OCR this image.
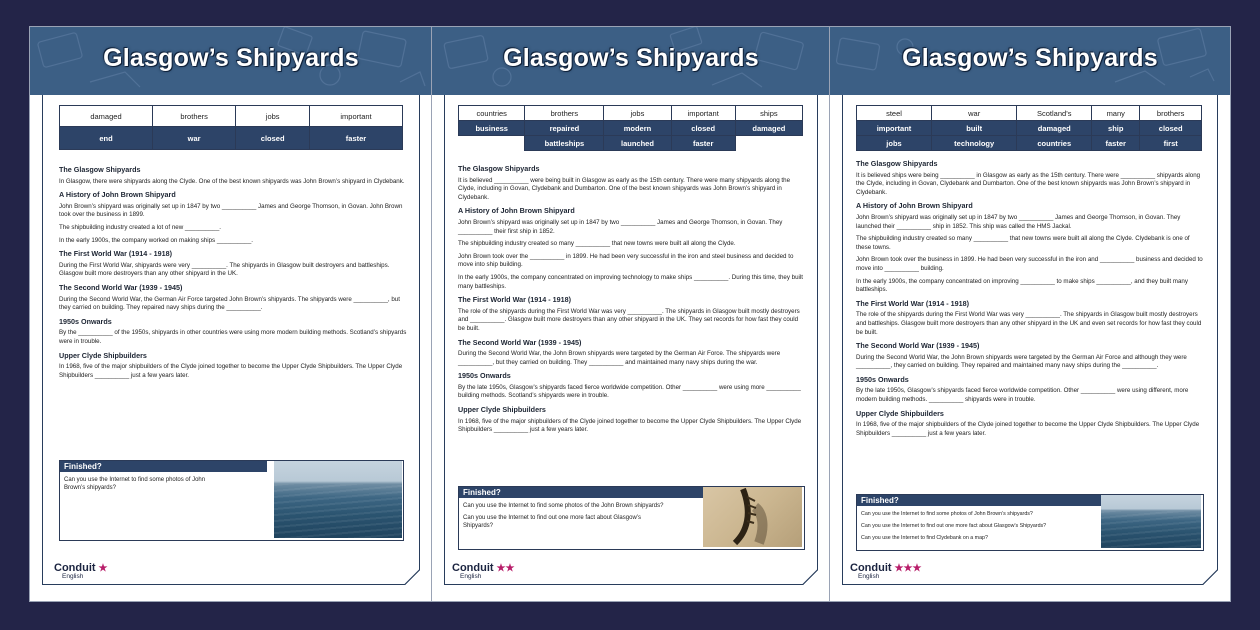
Glasgow’s Shipyards
damaged	brothers	jobs	important
end	war	closed	faster
The Glasgow Shipyards

In Glasgow, there were shipyards along the Clyde. One of the best known shipyards was John Brown’s shipyard in Clydebank.

A History of John Brown Shipyard

John Brown’s shipyard was originally set up in 1847 by two __________ James and George Thomson, in Govan. John Brown took over the business in 1899.

The shipbuilding industry created a lot of new __________.

In the early 1900s, the company worked on making ships __________.

The First World War (1914 - 1918)

During the First World War, shipyards were very __________. The shipyards in Glasgow built destroyers and battleships. Glasgow built more destroyers than any other shipyard in the UK.

The Second World War (1939 - 1945)

During the Second World War, the German Air Force targeted John Brown’s shipyards. The shipyards were __________, but they carried on building. They repaired navy ships during the __________.

1950s Onwards

By the __________ of the 1950s, shipyards in other countries were using more modern building methods. Scotland’s shipyards were in trouble.

Upper Clyde Shipbuilders

In 1968, five of the major shipbuilders of the Clyde joined together to become the Upper Clyde Shipbuilders. The Upper Clyde Shipbuilders __________ just a few years later.

Finished?
Can you use the Internet to find some photos of John Brown’s shipyards?
Conduit ★
English
Glasgow’s Shipyards
countries	brothers	jobs	important	ships
business	repaired	modern	closed	damaged
	battleships	launched	faster	
The Glasgow Shipyards

It is believed __________ were being built in Glasgow as early as the 15th century. There were many shipyards along the Clyde, including in Govan, Clydebank and Dumbarton. One of the best known shipyards was John Brown’s shipyard in Clydebank.

A History of John Brown Shipyard

John Brown’s shipyard was originally set up in 1847 by two __________ James and George Thomson, in Govan. They __________ their first ship in 1852.

The shipbuilding industry created so many __________ that new towns were built all along the Clyde.

John Brown took over the __________ in 1899. He had been very successful in the iron and steel business and decided to move into ship building.

In the early 1900s, the company concentrated on improving technology to make ships __________. During this time, they built many battleships.

The First World War (1914 - 1918)

The role of the shipyards during the First World War was very __________. The shipyards in Glasgow built mostly destroyers and __________. Glasgow built more destroyers than any other shipyard in the UK. They set records for how fast they could be built.

The Second World War (1939 - 1945)

During the Second World War, the John Brown shipyards were targeted by the German Air Force. The shipyards were __________, but they carried on building. They __________ and maintained many navy ships during the war.

1950s Onwards

By the late 1950s, Glasgow’s shipyards faced fierce worldwide competition. Other __________ were using more __________ building methods. Scotland’s shipyards were in trouble.

Upper Clyde Shipbuilders

In 1968, five of the major shipbuilders of the Clyde joined together to become the Upper Clyde Shipbuilders. The Upper Clyde Shipbuilders __________ just a few years later.

Finished?
Can you use the Internet to find some photos of the John Brown shipyards?
Can you use the Internet to find out one more fact about Glasgow’s Shipyards?
Conduit ★★
English
Glasgow’s Shipyards
steel	war	Scotland’s	many	brothers
important	built	damaged	ship	closed
jobs	technology	countries	faster	first
The Glasgow Shipyards

It is believed ships were being __________ in Glasgow as early as the 15th century. There were __________ shipyards along the Clyde, including in Govan, Clydebank and Dumbarton. One of the best known shipyards was John Brown’s shipyard in Clydebank.

A History of John Brown Shipyard

John Brown’s shipyard was originally set up in 1847 by two __________ James and George Thomson, in Govan. They launched their __________ ship in 1852. This ship was called the HMS Jackal.

The shipbuilding industry created so many __________ that new towns were built all along the Clyde. Clydebank is one of these towns.

John Brown took over the business in 1899. He had been very successful in the iron and __________ business and decided to move into __________ building.

In the early 1900s, the company concentrated on improving __________ to make ships __________, and they built many battleships.

The First World War (1914 - 1918)

The role of the shipyards during the First World War was very __________. The shipyards in Glasgow built mostly destroyers and battleships. Glasgow built more destroyers than any other shipyard in the UK and even set records for how fast they could be built.

The Second World War (1939 - 1945)

During the Second World War, the John Brown shipyards were targeted by the German Air Force and although they were __________, they carried on building. They repaired and maintained many navy ships during the __________.

1950s Onwards

By the late 1950s, Glasgow’s shipyards faced fierce worldwide competition. Other __________ were using different, more modern building methods. __________ shipyards were in trouble.

Upper Clyde Shipbuilders

In 1968, five of the major shipbuilders of the Clyde joined together to become the Upper Clyde Shipbuilders. The Upper Clyde Shipbuilders __________ just a few years later.

Finished?
Can you use the Internet to find some photos of John Brown’s shipyards?
Can you use the Internet to find out one more fact about Glasgow’s Shipyards?
Can you use the Internet to find Clydebank on a map?
Conduit ★★★
English
